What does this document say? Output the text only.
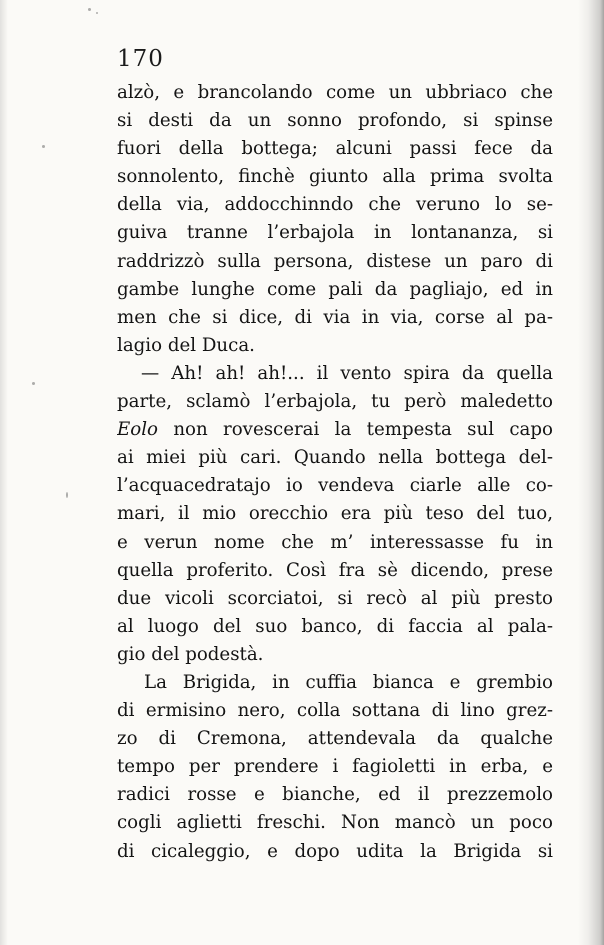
170
alzò, e brancolando come un ubbriaco che
si desti da un sonno profondo, si spinse
fuori della bottega; alcuni passi fece da
sonnolento, finchè giunto alla prima svolta
della via, addocchinndo che veruno lo se-
guiva tranne l’erbajola in lontananza, si
raddrizzò sulla persona, distese un paro di
gambe lunghe come pali da pagliajo, ed in
men che si dice, di via in via, corse al pa-
lagio del Duca.
— Ah! ah! ah!... il vento spira da quella
parte, sclamò l’erbajola, tu però maledetto
Eolo non rovescerai la tempesta sul capo
ai miei più cari. Quando nella bottega del-
l’acquacedratajo io vendeva ciarle alle co-
mari, il mio orecchio era più teso del tuo,
e verun nome che m’ interessasse fu in
quella proferito. Così fra sè dicendo, prese
due vicoli scorciatoi, si recò al più presto
al luogo del suo banco, di faccia al pala-
gio del podestà.
La Brigida, in cuffia bianca e grembio
di ermisino nero, colla sottana di lino grez-
zo di Cremona, attendevala da qualche
tempo per prendere i fagioletti in erba, e
radici rosse e bianche, ed il prezzemolo
cogli aglietti freschi. Non mancò un poco
di cicaleggio, e dopo udita la Brigida si
